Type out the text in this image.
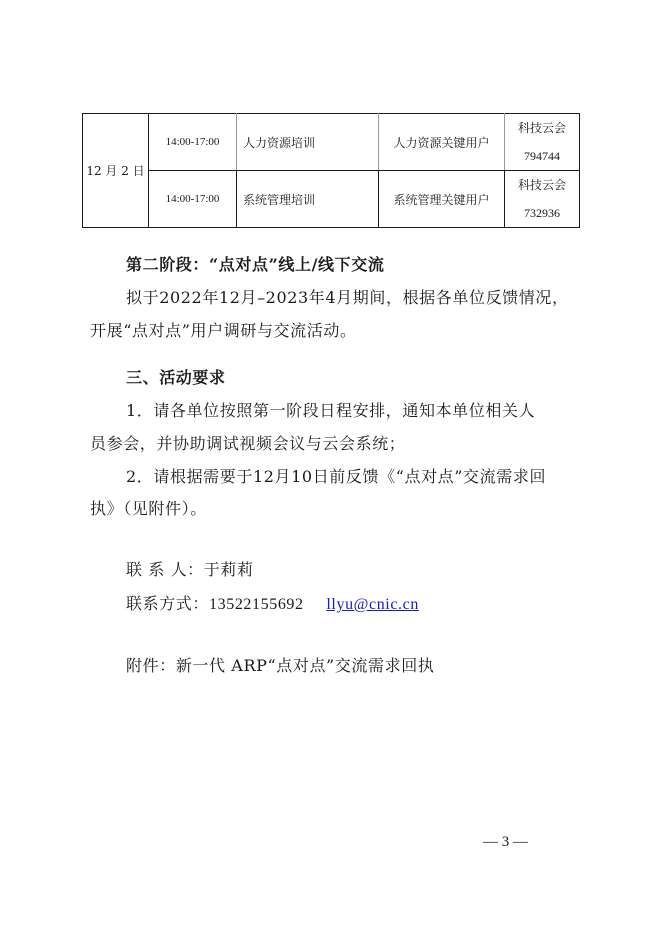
12 月 2 日	14:00-17:00	人力资源培训	人力资源关键用户	科技云会
794744

	14:00-17:00	系统管理培训	系统管理关键用户	科技云会
732936
第二阶段：“点对点”线上/线下交流
拟于2022年12月–2023年4月期间，根据各单位反馈情况，
开展“点对点”用户调研与交流活动。
三、活动要求
1．请各单位按照第一阶段日程安排，通知本单位相关人
员参会，并协助调试视频会议与云会系统；
2．请根据需要于12月10日前反馈《“点对点”交流需求回
执》（见附件）。
联 系 人：于莉莉
联系方式：13522155692 llyu@cnic.cn
附件：新一代 ARP“点对点”交流需求回执
— 3 —
